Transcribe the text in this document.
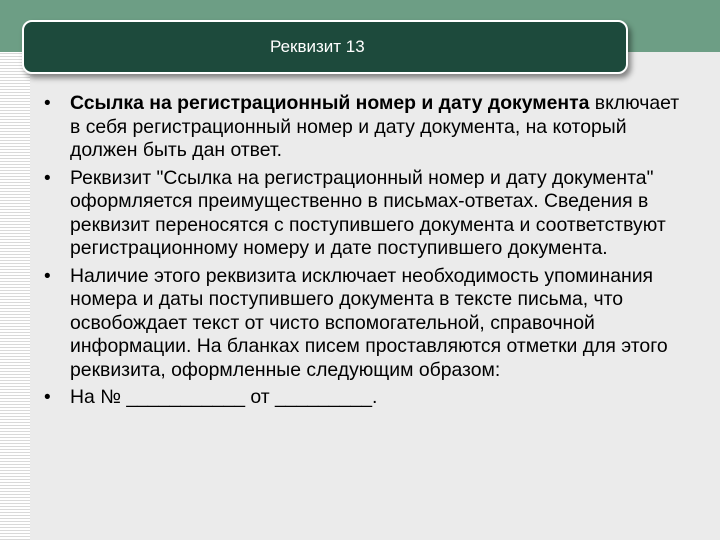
Реквизит 13
• Ссылка на регистрационный номер и дату документа включает в себя регистрационный номер и дату документа, на который должен быть дан ответ.
• Реквизит "Ссылка на регистрационный номер и дату документа" оформляется преимущественно в письмах-ответах. Сведения в реквизит переносятся с поступившего документа и соответствуют регистрационному номеру и дате поступившего документа.
• Наличие этого реквизита исключает необходимость упоминания номера и даты поступившего документа в тексте письма, что освобождает текст от чисто вспомогательной, справочной информации. На бланках писем проставляются отметки для этого реквизита, оформленные следующим образом:
• На № ___________ от _________.
